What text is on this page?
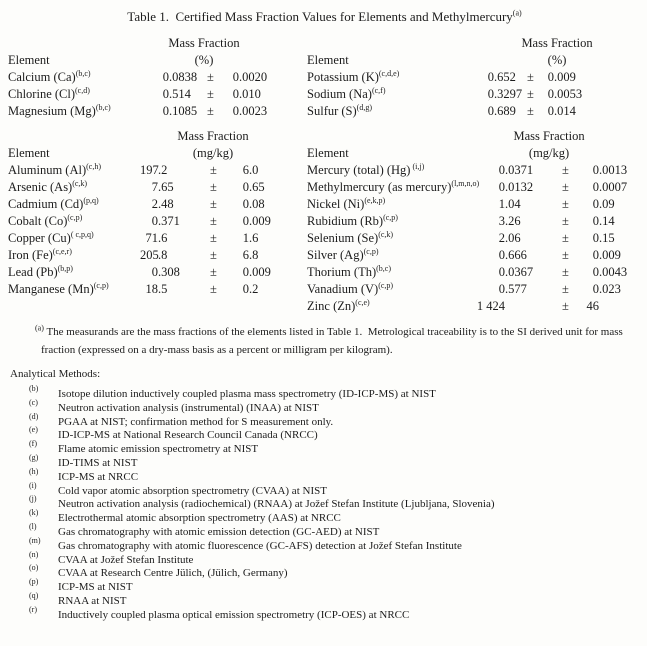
Table 1.  Certified Mass Fraction Values for Elements and Methylmercury$^{(a)}$
	Mass Fraction		
Element	(%)		
Calcium $(Ca)^{(b,c)}$	0.0838	±	0.0020
Chlorine $(Cl)^{(c,d)}$	0.514	±	0.010
Magnesium $(Mg)^{(b,c)}$	0.1085	±	0.0023
	Mass Fraction		
Element	(%)		
Potassium $(K)^{(c,d,e)}$	0.652	±	0.009
Sodium $(Na)^{(c,f)}$	0.3297	±	0.0053
Sulfur $(S)^{(d,g)}$	0.689	±	0.014
	Mass Fraction		
Element	(mg/kg)		
Aluminum $(Al)^{(c,h)}$	197.2	±	6.0
Arsenic $(As)^{(c,k)}$	7.65	±	0.65
Cadmium $(Cd)^{(p,q)}$	2.48	±	0.08
Cobalt $(Co)^{(c,p)}$	0.371	±	0.009
Copper $(Cu)^{( c,p,q)}$	71.6	±	1.6
Iron $(Fe)^{(c,e,r)}$	205.8	±	6.8
Lead $(Pb)^{(b,p)}$	0.308	±	0.009
Manganese $(Mn)^{(c,p)}$	18.5	±	0.2
	Mass Fraction		
Element	(mg/kg)		
Mercury (total) (Hg) $^{(i,j)}$	0.0371	±	0.0013
Methylmercury (as mercury)$^{(l,m,n,o)}$	0.0132	±	0.0007
Nickel $(Ni)^{(e,k,p)}$	1.04	±	0.09
Rubidium $(Rb)^{(c,p)}$	3.26	±	0.14
Selenium $(Se)^{(c,k)}$	2.06	±	0.15
Silver $(Ag)^{(c,p)}$	0.666	±	0.009
Thorium $(Th)^{(b,c)}$	0.0367	±	0.0043
Vanadium $(V)^{(c,p)}$	0.577	±	0.023
Zinc $(Zn)^{(c,e)}$	1 424	±	46
$^{(a)}$ The measurands are the mass fractions of the elements listed in Table 1.  Metrological traceability is to the SI derived unit for mass fraction (expressed on a dry-mass basis as a percent or milligram per kilogram).
Analytical Methods:
(b) Isotope dilution inductively coupled plasma mass spectrometry (ID-ICP-MS) at NIST
(c) Neutron activation analysis (instrumental) (INAA) at NIST
(d) PGAA at NIST; confirmation method for S measurement only.
(e) ID-ICP-MS at National Research Council Canada (NRCC)
(f) Flame atomic emission spectrometry at NIST
(g) ID-TIMS at NIST
(h) ICP-MS at NRCC
(i) Cold vapor atomic absorption spectrometry (CVAA) at NIST
(j) Neutron activation analysis (radiochemical) (RNAA) at Jožef Stefan Institute (Ljubljana, Slovenia)
(k) Electrothermal atomic absorption spectrometry (AAS) at NRCC
(l) Gas chromatography with atomic emission detection (GC-AED) at NIST
(m) Gas chromatography with atomic fluorescence (GC-AFS) detection at Jožef Stefan Institute
(n) CVAA at Jožef Stefan Institute
(o) CVAA at Research Centre Jülich, (Jülich, Germany)
(p) ICP-MS at NIST
(q) RNAA at NIST
(r) Inductively coupled plasma optical emission spectrometry (ICP-OES) at NRCC
